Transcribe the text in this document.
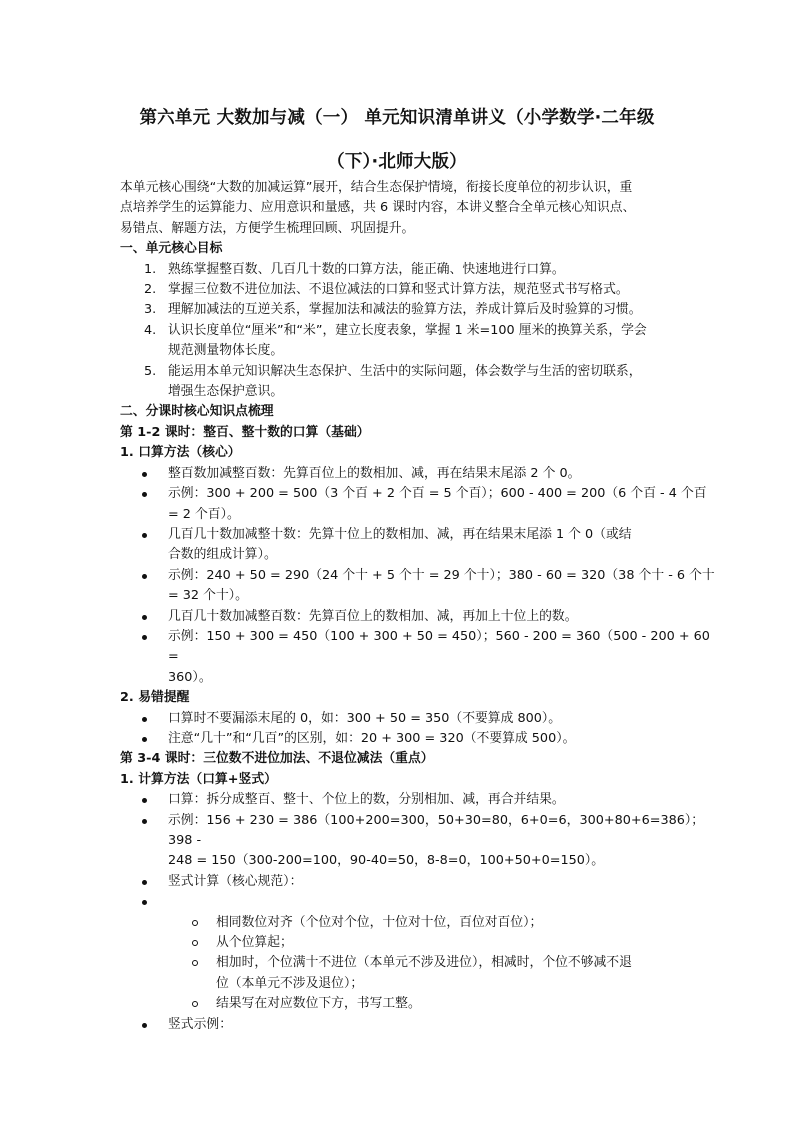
第六单元 大数加与减（一） 单元知识清单讲义（小学数学·二年级
（下）·北师大版）

本单元核心围绕“大数的加减运算”展开，结合生态保护情境，衔接长度单位的初步认识，重

点培养学生的运算能力、应用意识和量感，共 6 课时内容，本讲义整合全单元核心知识点、

易错点、解题方法，方便学生梳理回顾、巩固提升。

一、单元核心目标

1. 熟练掌握整百数、几百几十数的口算方法，能正确、快速地进行口算。
2. 掌握三位数不进位加法、不退位减法的口算和竖式计算方法，规范竖式书写格式。
3. 理解加减法的互逆关系，掌握加法和减法的验算方法，养成计算后及时验算的习惯。
4. 认识长度单位“厘米”和“米”，建立长度表象，掌握 1 米=100 厘米的换算关系，学会
规范测量物体长度。
5. 能运用本单元知识解决生态保护、生活中的实际问题，体会数学与生活的密切联系，
增强生态保护意识。

二、分课时核心知识点梳理

第 1-2 课时：整百、整十数的口算（基础）

1. 口算方法（核心）

整百数加减整百数：先算百位上的数相加、减，再在结果末尾添 2 个 0。
示例：300 + 200 = 500（3 个百 + 2 个百 = 5 个百）；600 - 400 = 200（6 个百 - 4 个百
= 2 个百）。
几百几十数加减整十数：先算十位上的数相加、减，再在结果末尾添 1 个 0（或结
合数的组成计算）。
示例：240 + 50 = 290（24 个十 + 5 个十 = 29 个十）；380 - 60 = 320（38 个十 - 6 个十
= 32 个十）。
几百几十数加减整百数：先算百位上的数相加、减，再加上十位上的数。
示例：150 + 300 = 450（100 + 300 + 50 = 450）；560 - 200 = 360（500 - 200 + 60 =
360）。

2. 易错提醒

口算时不要漏添末尾的 0，如：300 + 50 = 350（不要算成 800）。
注意“几十”和“几百”的区别，如：20 + 300 = 320（不要算成 500）。

第 3-4 课时：三位数不进位加法、不退位减法（重点）

1. 计算方法（口算+竖式）

口算：拆分成整百、整十、个位上的数，分别相加、减，再合并结果。
示例：156 + 230 = 386（100+200=300，50+30=80，6+0=6，300+80+6=386）；398 -
248 = 150（300-200=100，90-40=50，8-8=0，100+50+0=150）。
竖式计算（核心规范）：

相同数位对齐（个位对个位，十位对十位，百位对百位）；
从个位算起；
相加时，个位满十不进位（本单元不涉及进位），相减时，个位不够减不退
位（本单元不涉及退位）；
结果写在对应数位下方，书写工整。
竖式示例：
